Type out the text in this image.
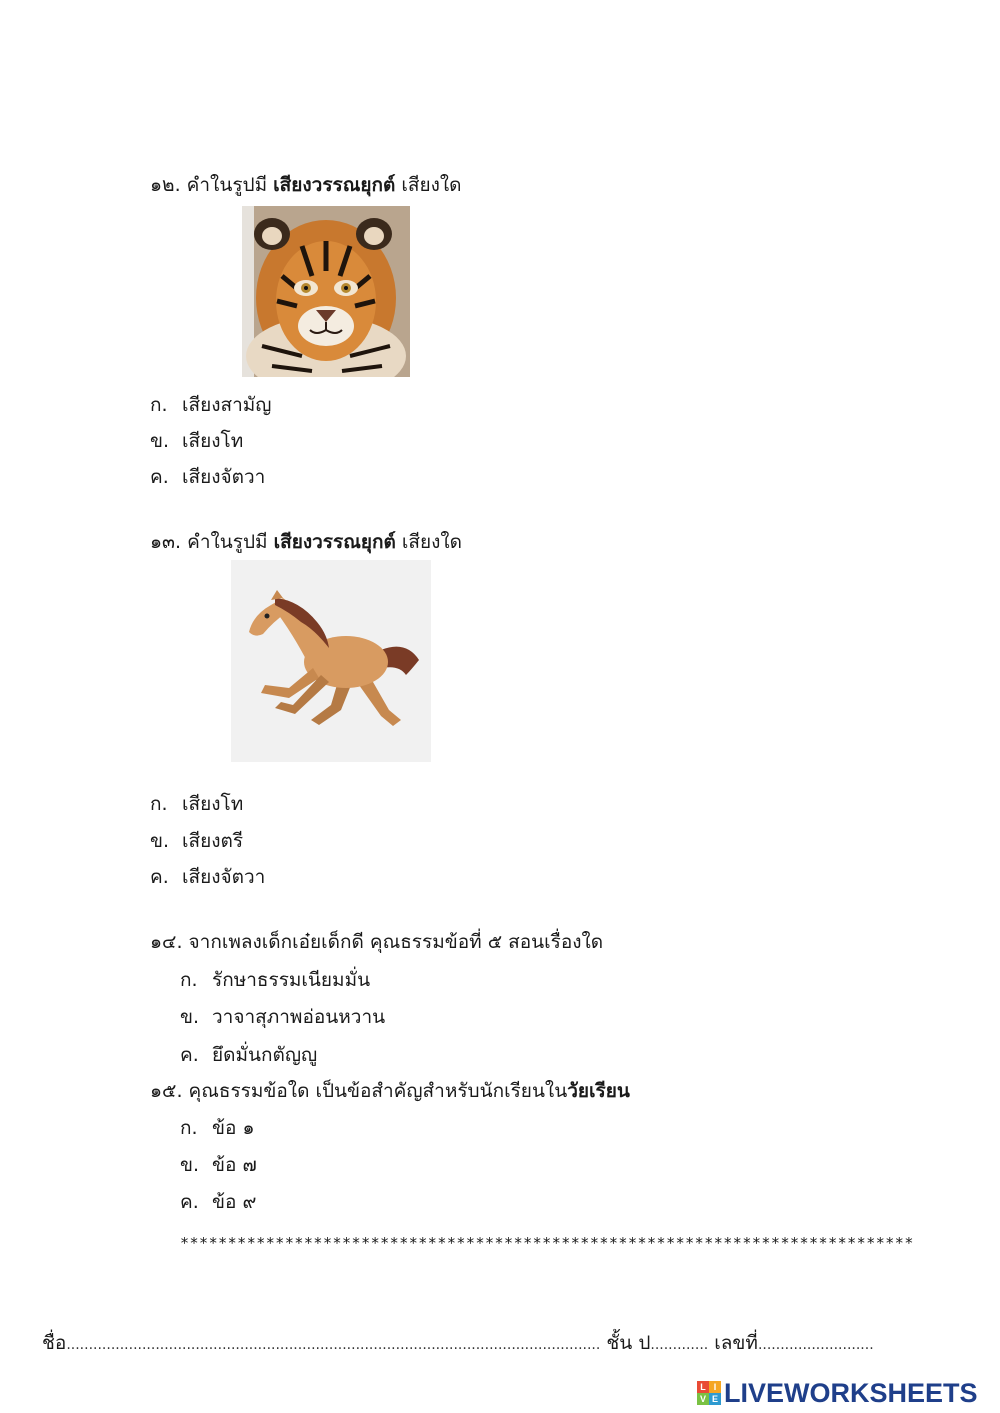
๑๒. คำในรูปมี เสียงวรรณยุกต์ เสียงใด
ก. เสียงสามัญ
ข. เสียงโท
ค. เสียงจัตวา
๑๓. คำในรูปมี เสียงวรรณยุกต์ เสียงใด
ก. เสียงโท
ข. เสียงตรี
ค. เสียงจัตวา
๑๔. จากเพลงเด็กเอ๋ยเด็กดี คุณธรรมข้อที่ ๕ สอนเรื่องใด
ก. รักษาธรรมเนียมมั่น
ข. วาจาสุภาพอ่อนหวาน
ค. ยึดมั่นกตัญญู
๑๕. คุณธรรมข้อใด เป็นข้อสำคัญสำหรับนักเรียนในวัยเรียน
ก. ข้อ ๑
ข. ข้อ ๗
ค. ข้อ ๙
*****************************************************************************
ชื่อ........................................................................................................................ ชั้น ป............. เลขที่..........................
L I
V E LIVEWORKSHEETS
